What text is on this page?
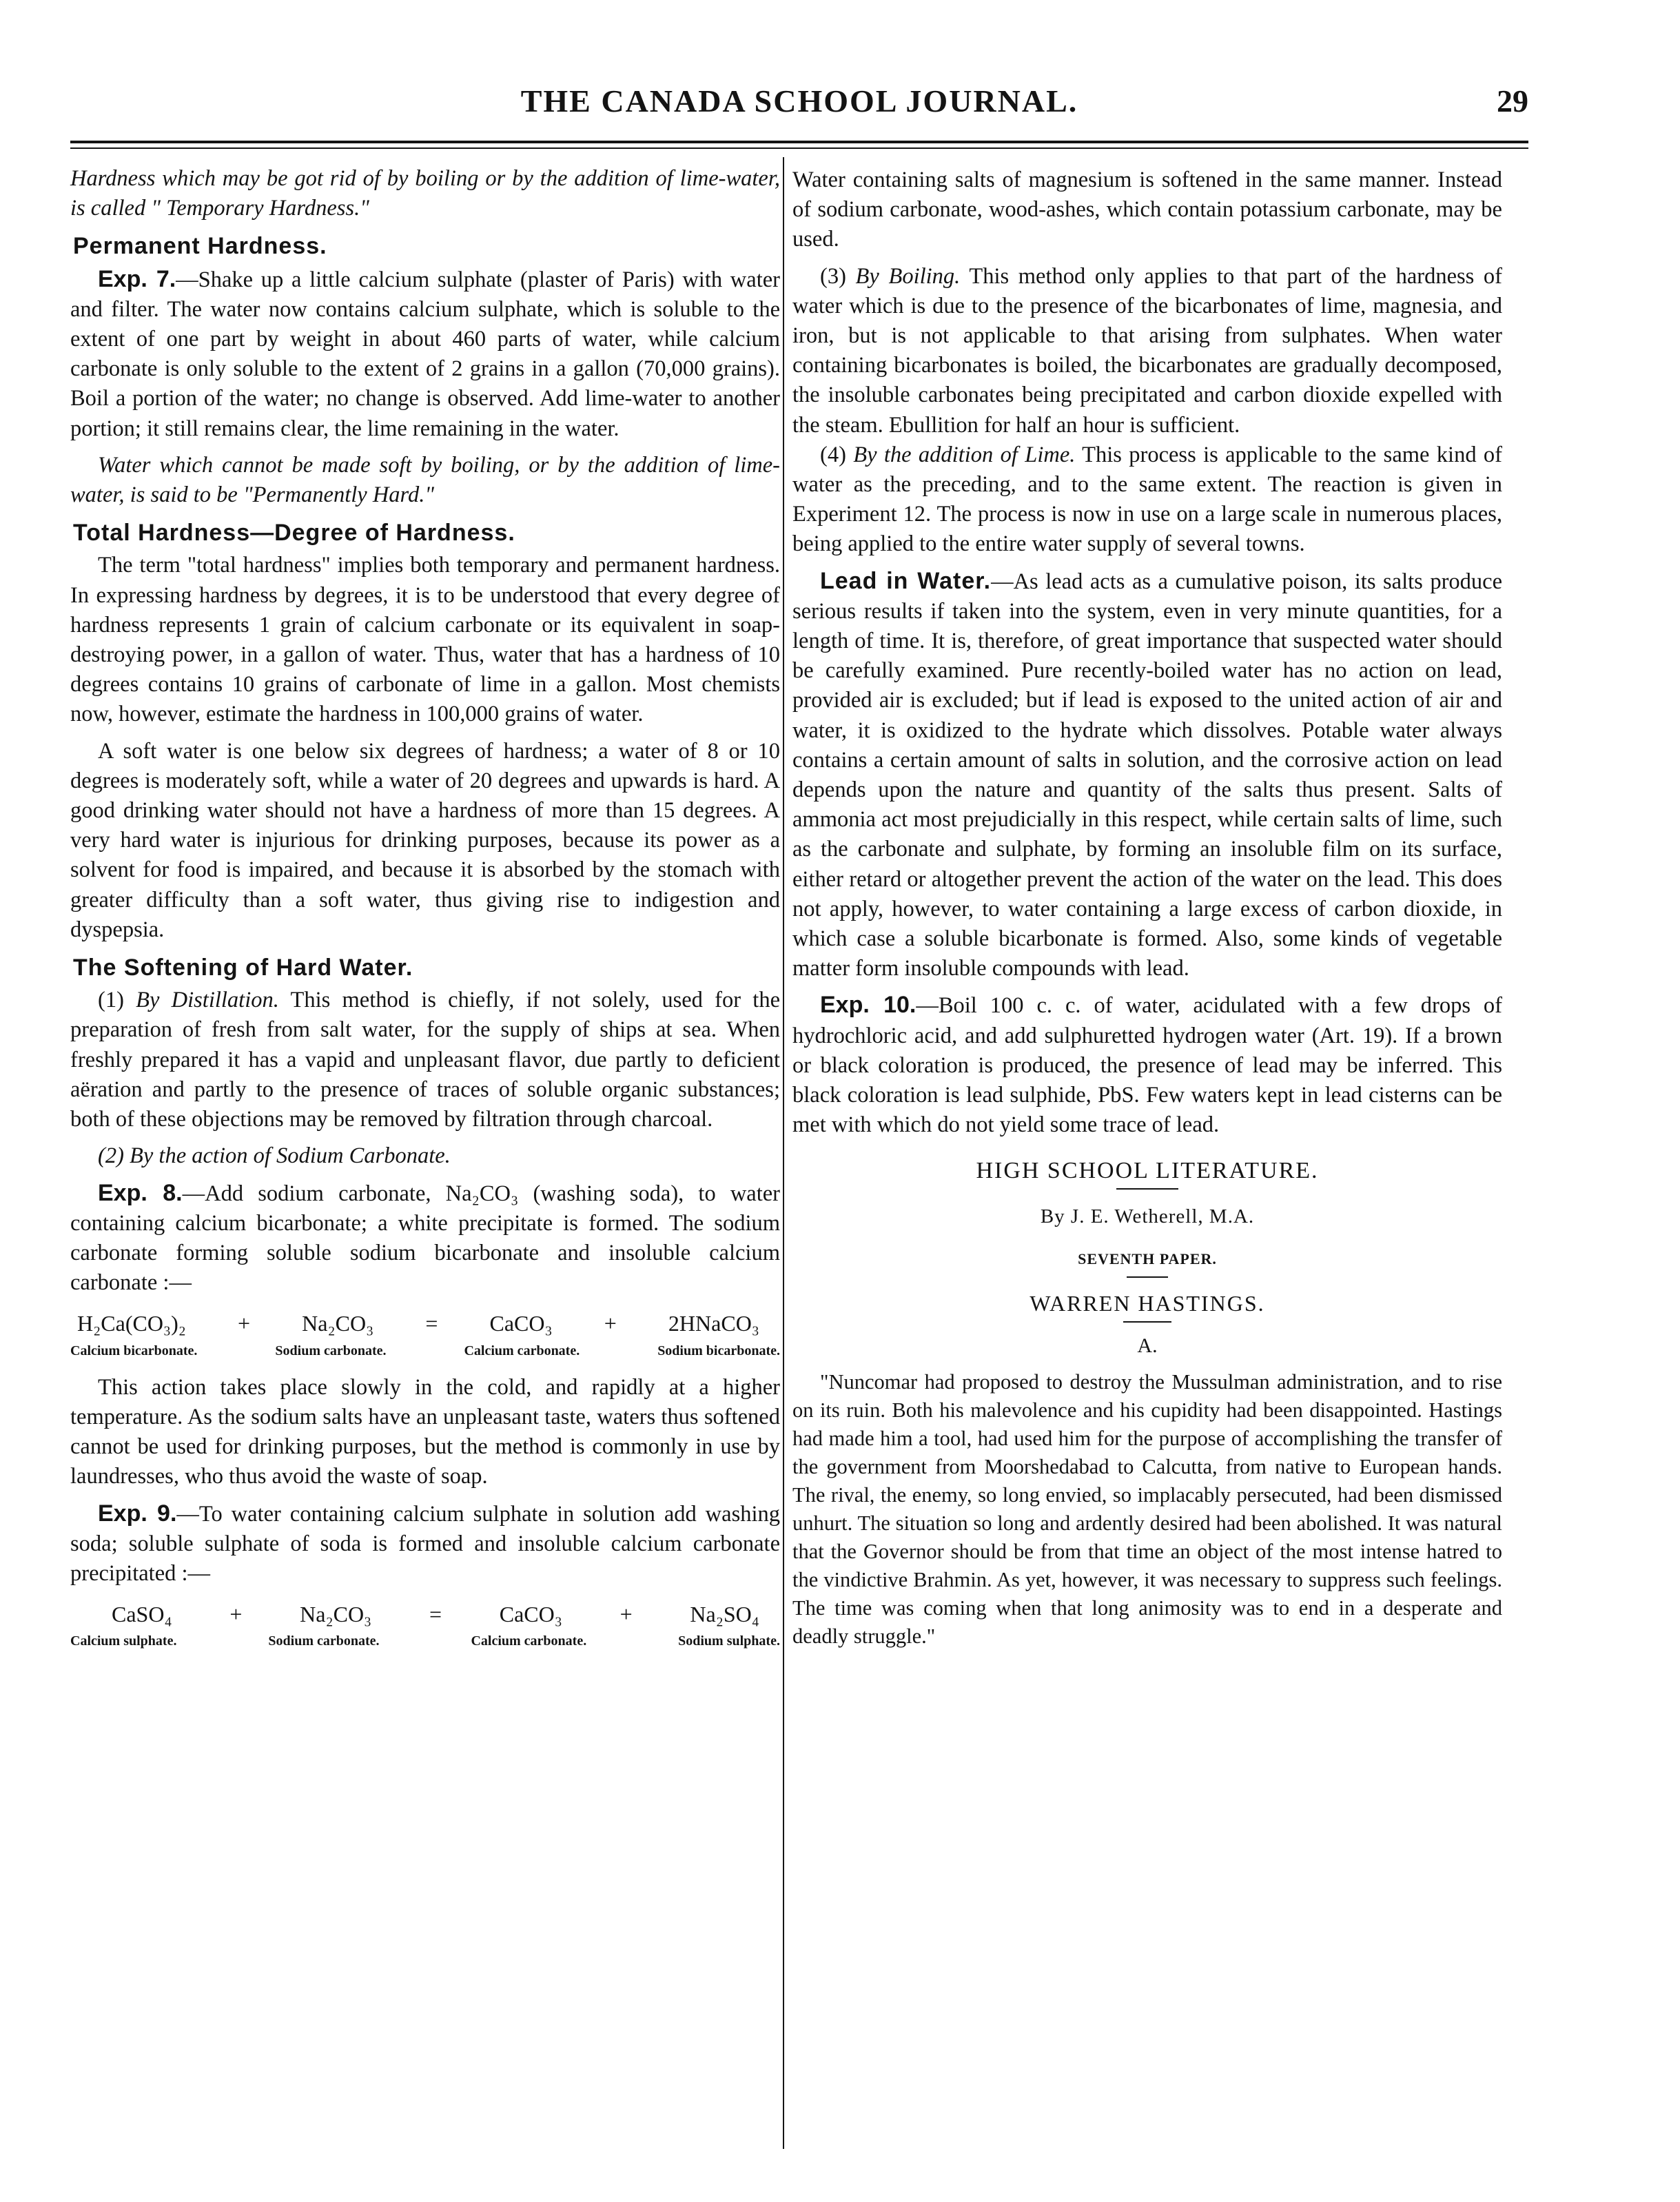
THE CANADA SCHOOL JOURNAL.	29

Hardness which may be got rid of by boiling or by the addition of lime-water, is called " Temporary Hardness."

Permanent Hardness.

Exp. 7.—Shake up a little calcium sulphate (plaster of Paris) with water and filter. The water now contains calcium sulphate, which is soluble to the extent of one part by weight in about 460 parts of water, while calcium carbonate is only soluble to the extent of 2 grains in a gallon (70,000 grains). Boil a portion of the water; no change is observed. Add lime-water to another portion; it still remains clear, the lime remaining in the water.

Water which cannot be made soft by boiling, or by the addition of lime-water, is said to be "Permanently Hard."

Total Hardness—Degree of Hardness.

The term "total hardness" implies both temporary and permanent hardness. In expressing hardness by degrees, it is to be understood that every degree of hardness represents 1 grain of calcium carbonate or its equivalent in soap-destroying power, in a gallon of water. Thus, water that has a hardness of 10 degrees contains 10 grains of carbonate of lime in a gallon. Most chemists now, however, estimate the hardness in 100,000 grains of water.

A soft water is one below six degrees of hardness; a water of 8 or 10 degrees is moderately soft, while a water of 20 degrees and upwards is hard. A good drinking water should not have a hardness of more than 15 degrees. A very hard water is injurious for drinking purposes, because its power as a solvent for food is impaired, and because it is absorbed by the stomach with greater difficulty than a soft water, thus giving rise to indigestion and dyspepsia.

The Softening of Hard Water.

(1) By Distillation. This method is chiefly, if not solely, used for the preparation of fresh from salt water, for the supply of ships at sea. When freshly prepared it has a vapid and unpleasant flavor, due partly to deficient aëration and partly to the presence of traces of soluble organic substances; both of these objections may be removed by filtration through charcoal.

(2) By the action of Sodium Carbonate.

Exp. 8.—Add sodium carbonate, Na₂CO₃ (washing soda), to water containing calcium bicarbonate; a white precipitate is formed. The sodium carbonate forming soluble sodium bicarbonate and insoluble calcium carbonate :—

H₂Ca(CO₃)₂ + Na₂CO₃ = CaCO₃ + 2HNaCO₃
Calcium bicarbonate.	Sodium carbonate.	Calcium carbonate.	Sodium bicarbonate.

This action takes place slowly in the cold, and rapidly at a higher temperature. As the sodium salts have an unpleasant taste, waters thus softened cannot be used for drinking purposes, but the method is commonly in use by laundresses, who thus avoid the waste of soap.

Exp. 9.—To water containing calcium sulphate in solution add washing soda; soluble sulphate of soda is formed and insoluble calcium carbonate precipitated :—

CaSO₄	+	Na₂CO₃	=	CaCO₃	+	Na₂SO₄
Calcium sulphate.	Sodium carbonate.	Calcium carbonate.	Sodium sulphate.

Water containing salts of magnesium is softened in the same manner. Instead of sodium carbonate, wood-ashes, which contain potassium carbonate, may be used.

(3) By Boiling. This method only applies to that part of the hardness of water which is due to the presence of the bicarbonates of lime, magnesia, and iron, but is not applicable to that arising from sulphates. When water containing bicarbonates is boiled, the bicarbonates are gradually decomposed, the insoluble carbonates being precipitated and carbon dioxide expelled with the steam. Ebullition for half an hour is sufficient.

(4) By the addition of Lime. This process is applicable to the same kind of water as the preceding, and to the same extent. The reaction is given in Experiment 12. The process is now in use on a large scale in numerous places, being applied to the entire water supply of several towns.

Lead in Water.—As lead acts as a cumulative poison, its salts produce serious results if taken into the system, even in very minute quantities, for a length of time. It is, therefore, of great importance that suspected water should be carefully examined. Pure recently-boiled water has no action on lead, provided air is excluded; but if lead is exposed to the united action of air and water, it is oxidized to the hydrate which dissolves. Potable water always contains a certain amount of salts in solution, and the corrosive action on lead depends upon the nature and quantity of the salts thus present. Salts of ammonia act most prejudicially in this respect, while certain salts of lime, such as the carbonate and sulphate, by forming an insoluble film on its surface, either retard or altogether prevent the action of the water on the lead. This does not apply, however, to water containing a large excess of carbon dioxide, in which case a soluble bicarbonate is formed. Also, some kinds of vegetable matter form insoluble compounds with lead.

Exp. 10.—Boil 100 c. c. of water, acidulated with a few drops of hydrochloric acid, and add sulphuretted hydrogen water (Art. 19). If a brown or black coloration is produced, the presence of lead may be inferred. This black coloration is lead sulphide, PbS. Few waters kept in lead cisterns can be met with which do not yield some trace of lead.

HIGH SCHOOL LITERATURE.
By J. E. Wetherell, M.A.
SEVENTH PAPER.
WARREN HASTINGS.
A.

"Nuncomar had proposed to destroy the Mussulman administration, and to rise on its ruin. Both his malevolence and his cupidity had been disappointed. Hastings had made him a tool, had used him for the purpose of accomplishing the transfer of the government from Moorshedabad to Calcutta, from native to European hands. The rival, the enemy, so long envied, so implacably persecuted, had been dismissed unhurt. The situation so long and ardently desired had been abolished. It was natural that the Governor should be from that time an object of the most intense hatred to the vindictive Brahmin. As yet, however, it was necessary to suppress such feelings. The time was coming when that long animosity was to end in a desperate and deadly struggle."
